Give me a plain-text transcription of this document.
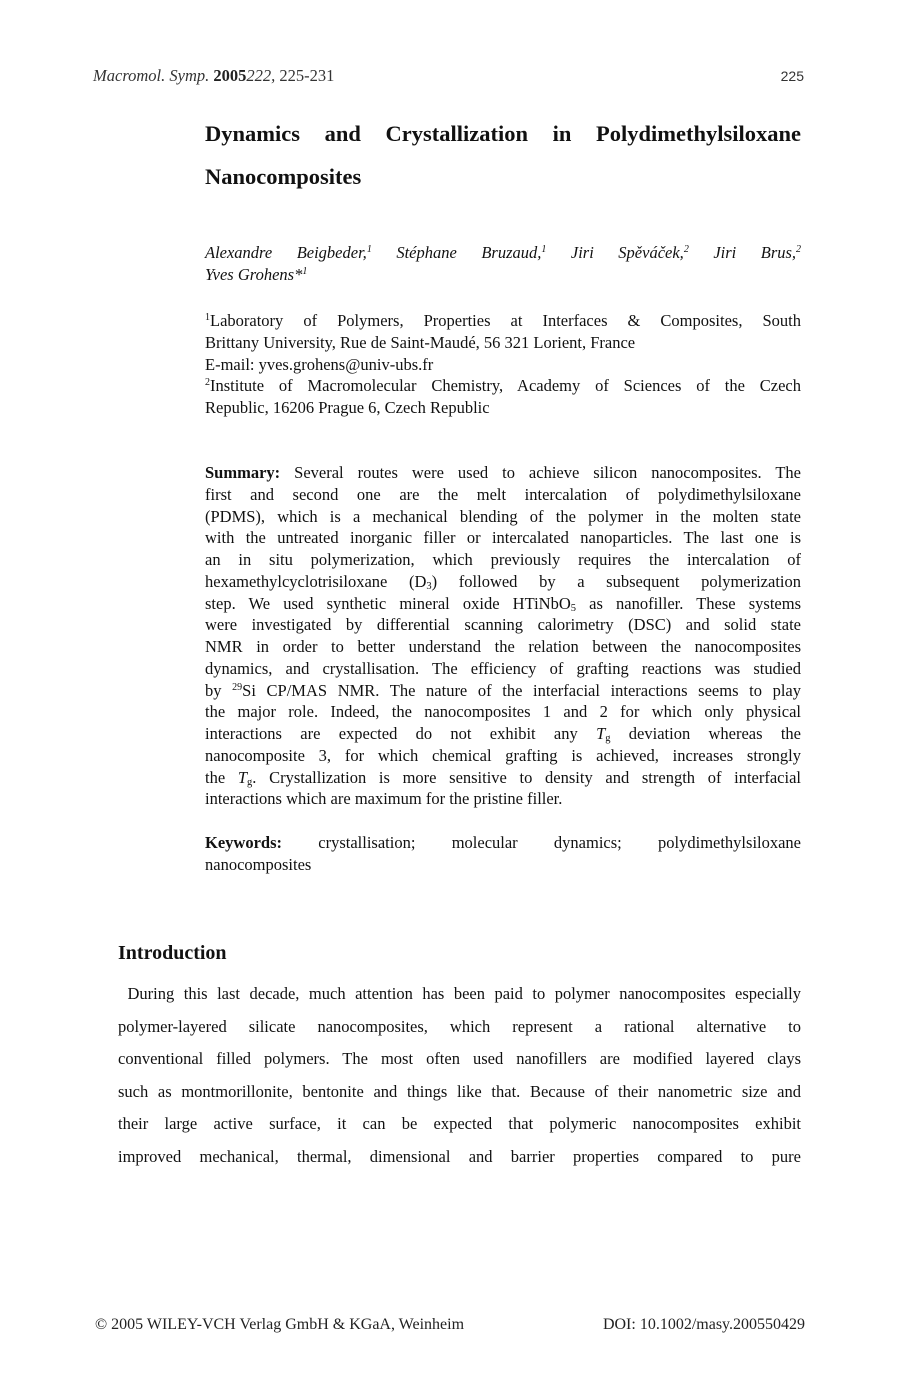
Macromol. Symp. 2005222, 225-231	225
Dynamics and Crystallization in Polydimethylsiloxane
Nanocomposites
Alexandre Beigbeder,$^1$ Stéphane Bruzaud,$^1$ Jiri Spěváček,$^2$ Jiri Brus,$^2$
Yves Grohens*$^1$
$^1$Laboratory of Polymers, Properties at Interfaces & Composites, South
Brittany University, Rue de Saint-Maudé, 56 321 Lorient, France
E-mail: yves.grohens@univ-ubs.fr
$^2$Institute of Macromolecular Chemistry, Academy of Sciences of the Czech
Republic, 16206 Prague 6, Czech Republic
Summary: Several routes were used to achieve silicon nanocomposites. The
first and second one are the melt intercalation of polydimethylsiloxane
(PDMS), which is a mechanical blending of the polymer in the molten state
with the untreated inorganic filler or intercalated nanoparticles. The last one is
an in situ polymerization, which previously requires the intercalation of
hexamethylcyclotrisiloxane $(D_3)$ followed by a subsequent polymerization
step. We used synthetic mineral oxide HTiNbO$_5$ as nanofiller. These systems
were investigated by differential scanning calorimetry (DSC) and solid state
NMR in order to better understand the relation between the nanocomposites
dynamics, and crystallisation. The efficiency of grafting reactions was studied
by $^{29}$Si CP/MAS NMR. The nature of the interfacial interactions seems to play
the major role. Indeed, the nanocomposites 1 and 2 for which only physical
interactions are expected do not exhibit any $T_g$ deviation whereas the
nanocomposite 3, for which chemical grafting is achieved, increases strongly
the $T_g$. Crystallization is more sensitive to density and strength of interfacial
interactions which are maximum for the pristine filler.
Keywords: crystallisation; molecular dynamics; polydimethylsiloxane
nanocomposites
Introduction
During this last decade, much attention has been paid to polymer nanocomposites especially
polymer-layered silicate nanocomposites, which represent a rational alternative to
conventional filled polymers. The most often used nanofillers are modified layered clays
such as montmorillonite, bentonite and things like that. Because of their nanometric size and
their large active surface, it can be expected that polymeric nanocomposites exhibit
improved mechanical, thermal, dimensional and barrier properties compared to pure
© 2005 WILEY-VCH Verlag GmbH & KGaA, Weinheim	DOI: 10.1002/masy.200550429
